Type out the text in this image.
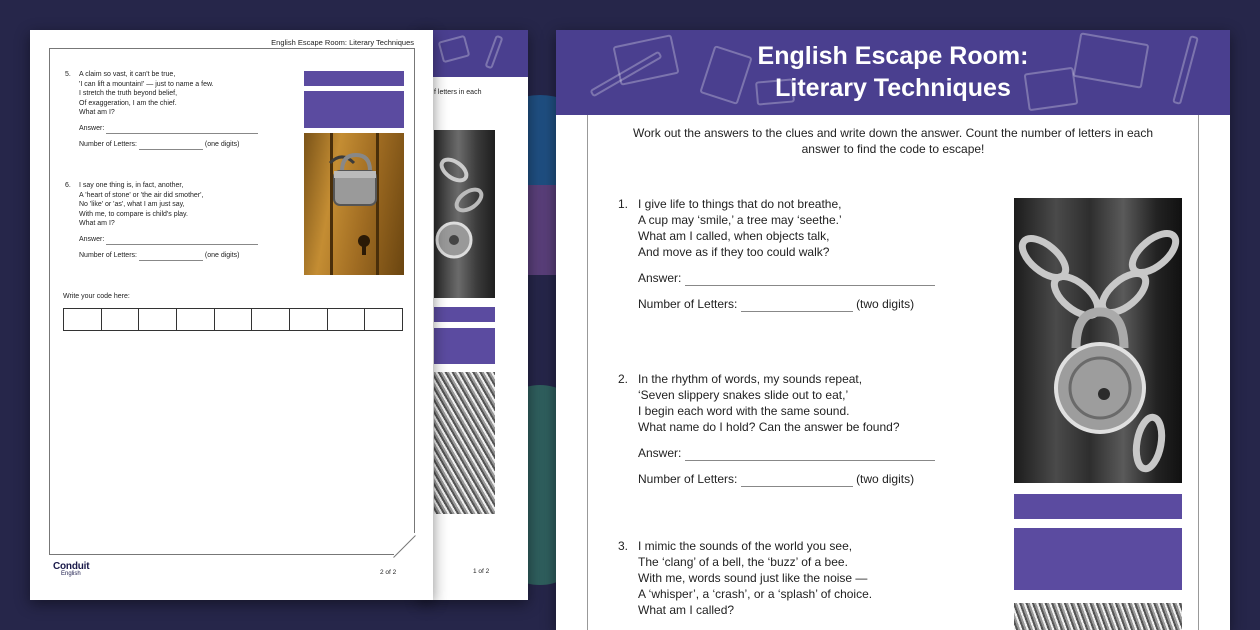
f letters in each
1 of 2
English Escape Room: Literary Techniques
5. A claim so vast, it can't be true,
'I can lift a mountain!' — just to name a few.
I stretch the truth beyond belief,
Of exaggeration, I am the chief.
What am I?
Answer:
Number of Letters:	(one digits)
6. I say one thing is, in fact, another,
A 'heart of stone' or 'the air did smother',
No 'like' or 'as', what I am just say,
With me, to compare is child's play.
What am I?
Answer:
Number of Letters:	(one digits)
Write your code here:
Conduit
English	2 of 2
English Escape Room:
Literary Techniques
Work out the answers to the clues and write down the answer. Count the number of letters in each
answer to find the code to escape!
1. I give life to things that do not breathe,
A cup may ‘smile,’ a tree may ‘seethe.’
What am I called, when objects talk,
And move as if they too could walk?
Answer:
Number of Letters:	(two digits)
2. In the rhythm of words, my sounds repeat,
‘Seven slippery snakes slide out to eat,’
I begin each word with the same sound.
What name do I hold? Can the answer be found?
Answer:
Number of Letters:	(two digits)
3. I mimic the sounds of the world you see,
The ‘clang’ of a bell, the ‘buzz’ of a bee.
With me, words sound just like the noise —
A ‘whisper’, a ‘crash’, or a ‘splash’ of choice.
What am I called?
